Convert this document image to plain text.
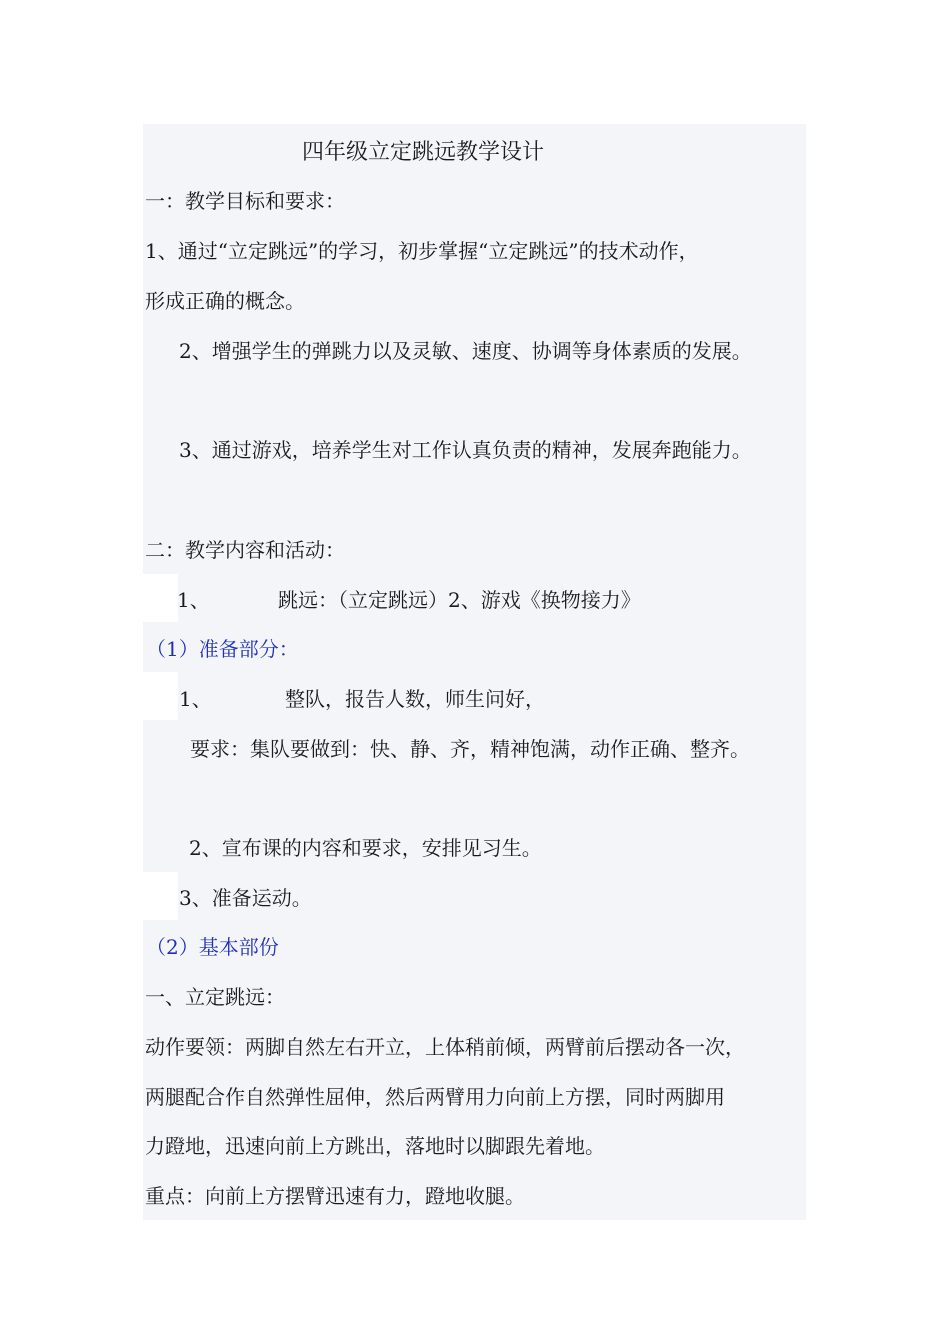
四年级立定跳远教学设计
一：教学目标和要求：
1、通过“立定跳远”的学习，初步掌握“立定跳远”的技术动作，
形成正确的概念。
2、增强学生的弹跳力以及灵敏、速度、协调等身体素质的发展。
3、通过游戏，培养学生对工作认真负责的精神，发展奔跑能力。
二：教学内容和活动：
1、	跳远：（立定跳远）2、游戏《换物接力》
（1）准备部分：
1、	整队，报告人数，师生问好，
要求：集队要做到：快、静、齐，精神饱满，动作正确、整齐。
2、宣布课的内容和要求，安排见习生。
3、准备运动。
（2）基本部份
一、立定跳远：
动作要领：两脚自然左右开立，上体稍前倾，两臂前后摆动各一次，
两腿配合作自然弹性屈伸，然后两臂用力向前上方摆，同时两脚用
力蹬地，迅速向前上方跳出，落地时以脚跟先着地。
重点：向前上方摆臂迅速有力，蹬地收腿。
